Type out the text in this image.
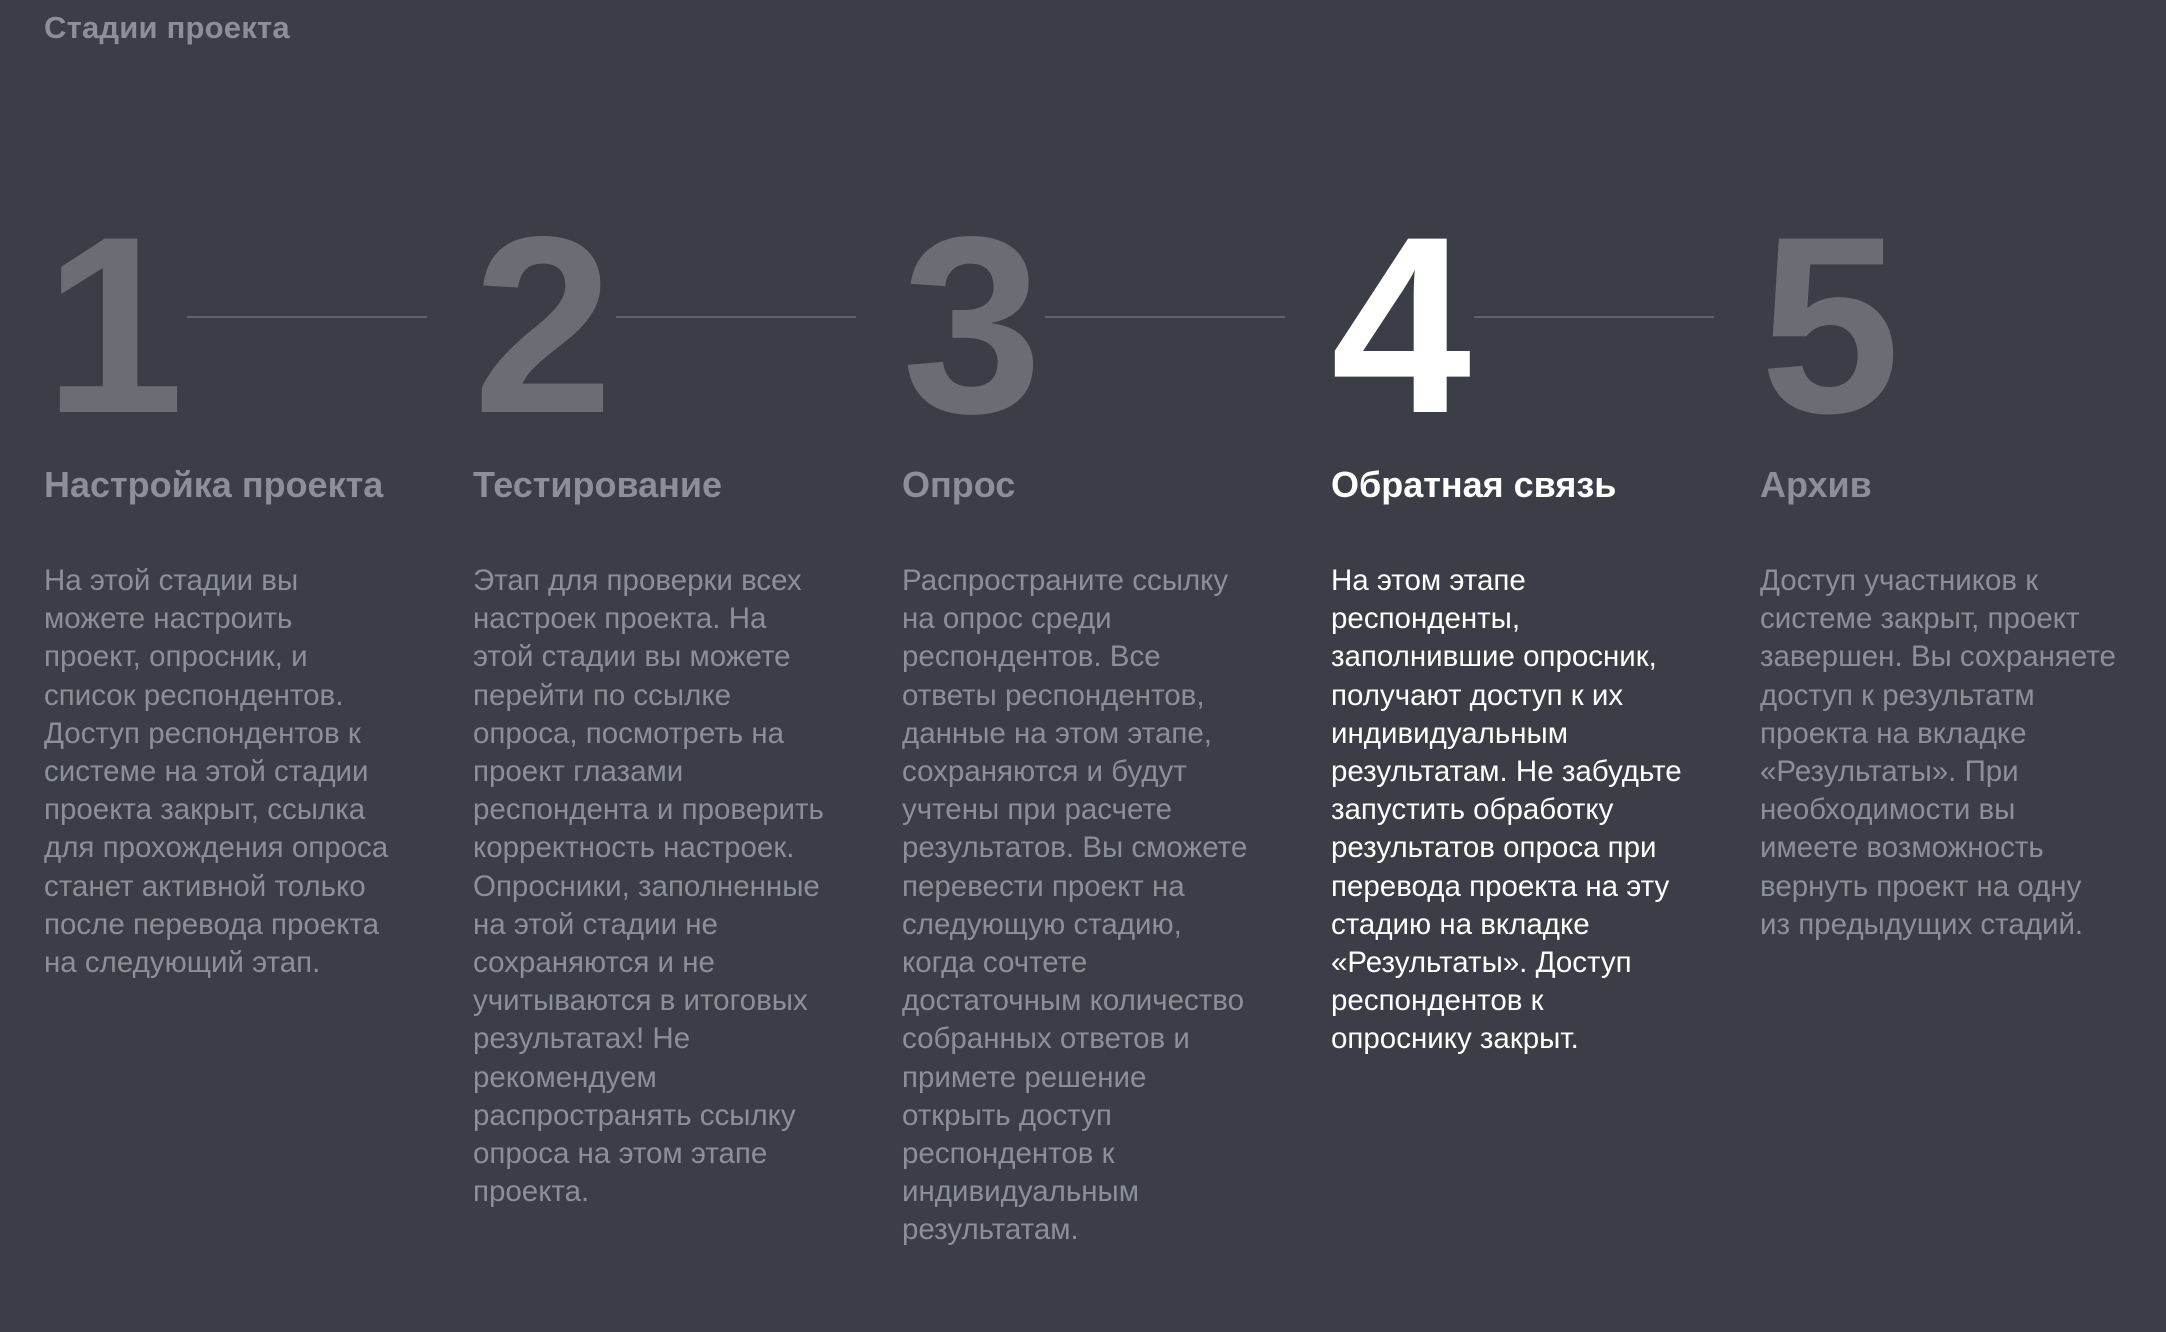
Стадии проекта
1
Настройка проекта
На этой стадии вы
можете настроить
проект, опросник, и
список респондентов.
Доступ респондентов к
системе на этой стадии
проекта закрыт, ссылка
для прохождения опроса
станет активной только
после перевода проекта
на следующий этап.
2
Тестирование
Этап для проверки всех
настроек проекта. На
этой стадии вы можете
перейти по ссылке
опроса, посмотреть на
проект глазами
респондента и проверить
корректность настроек.
Опросники, заполненные
на этой стадии не
сохраняются и не
учитываются в итоговых
результатах! Не
рекомендуем
распространять ссылку
опроса на этом этапе
проекта.
3
Опрос
Распространите ссылку
на опрос среди
респондентов. Все
ответы респондентов,
данные на этом этапе,
сохраняются и будут
учтены при расчете
результатов. Вы сможете
перевести проект на
следующую стадию,
когда сочтете
достаточным количество
собранных ответов и
примете решение
открыть доступ
респондентов к
индивидуальным
результатам.
4
Обратная связь
На этом этапе
респонденты,
заполнившие опросник,
получают доступ к их
индивидуальным
результатам. Не забудьте
запустить обработку
результатов опроса при
перевода проекта на эту
стадию на вкладке
«Результаты». Доступ
респондентов к
опроснику закрыт.
5
Архив
Доступ участников к
системе закрыт, проект
завершен. Вы сохраняете
доступ к результатм
проекта на вкладке
«Результаты». При
необходимости вы
имеете возможность
вернуть проект на одну
из предыдущих стадий.
